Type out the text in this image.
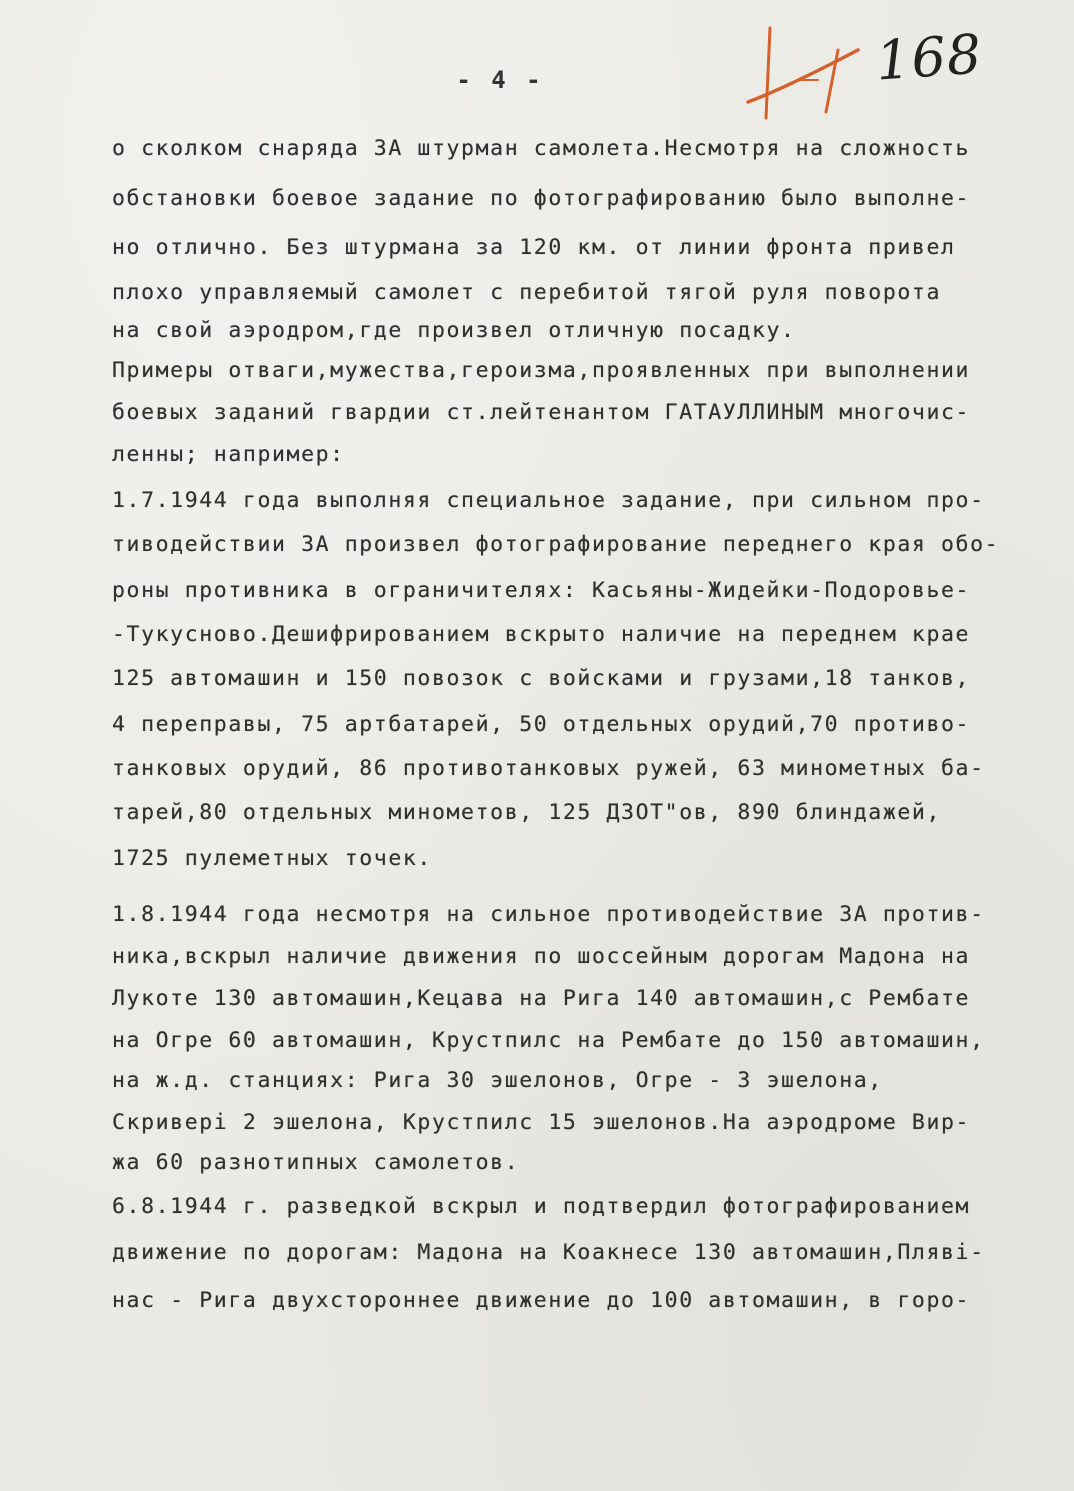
- 4 -	168
о сколком снаряда ЗА штурман самолета.Несмотря на сложность
обстановки боевое задание по фотографированию было выполне-
но отлично. Без штурмана за 120 км. от линии фронта привел
плохо управляемый самолет с перебитой тягой руля поворота
на свой аэродром,где произвел отличную посадку.
Примеры отваги,мужества,героизма,проявленных при выполнении
боевых заданий гвардии ст.лейтенантом ГАТАУЛЛИНЫМ многочис-
ленны; например:
1.7.1944 года выполняя специальное задание, при сильном про-
тиводействии ЗА произвел фотографирование переднего края обо-
роны противника в ограничителях: Касьяны-Жидейки-Подоровье-
-Тукусново.Дешифрированием вскрыто наличие на переднем крае
125 автомашин и 150 повозок с войсками и грузами,18 танков,
4 переправы, 75 артбатарей, 50 отдельных орудий,70 противо-
танковых орудий, 86 противотанковых ружей, 63 минометных ба-
тарей,80 отдельных минометов, 125 ДЗОТ"ов, 890 блиндажей,
1725 пулеметных точек.
1.8.1944 года несмотря на сильное противодействие ЗА против-
ника,вскрыл наличие движения по шоссейным дорогам Мадона на
Лукоте 130 автомашин,Кецава на Рига 140 автомашин,с Рембате
на Огре 60 автомашин, Крустпилс на Рембате до 150 автомашин,
на ж.д. станциях: Рига 30 эшелонов, Огре - 3 эшелона,
Скриверi 2 эшелона, Крустпилс 15 эшелонов.На аэродроме Вир-
жа 60 разнотипных самолетов.
6.8.1944 г. разведкой вскрыл и подтвердил фотографированием
движение по дорогам: Мадона на Коакнесе 130 автомашин,Плявi-
нас - Рига двухстороннее движение до 100 автомашин, в горо-
